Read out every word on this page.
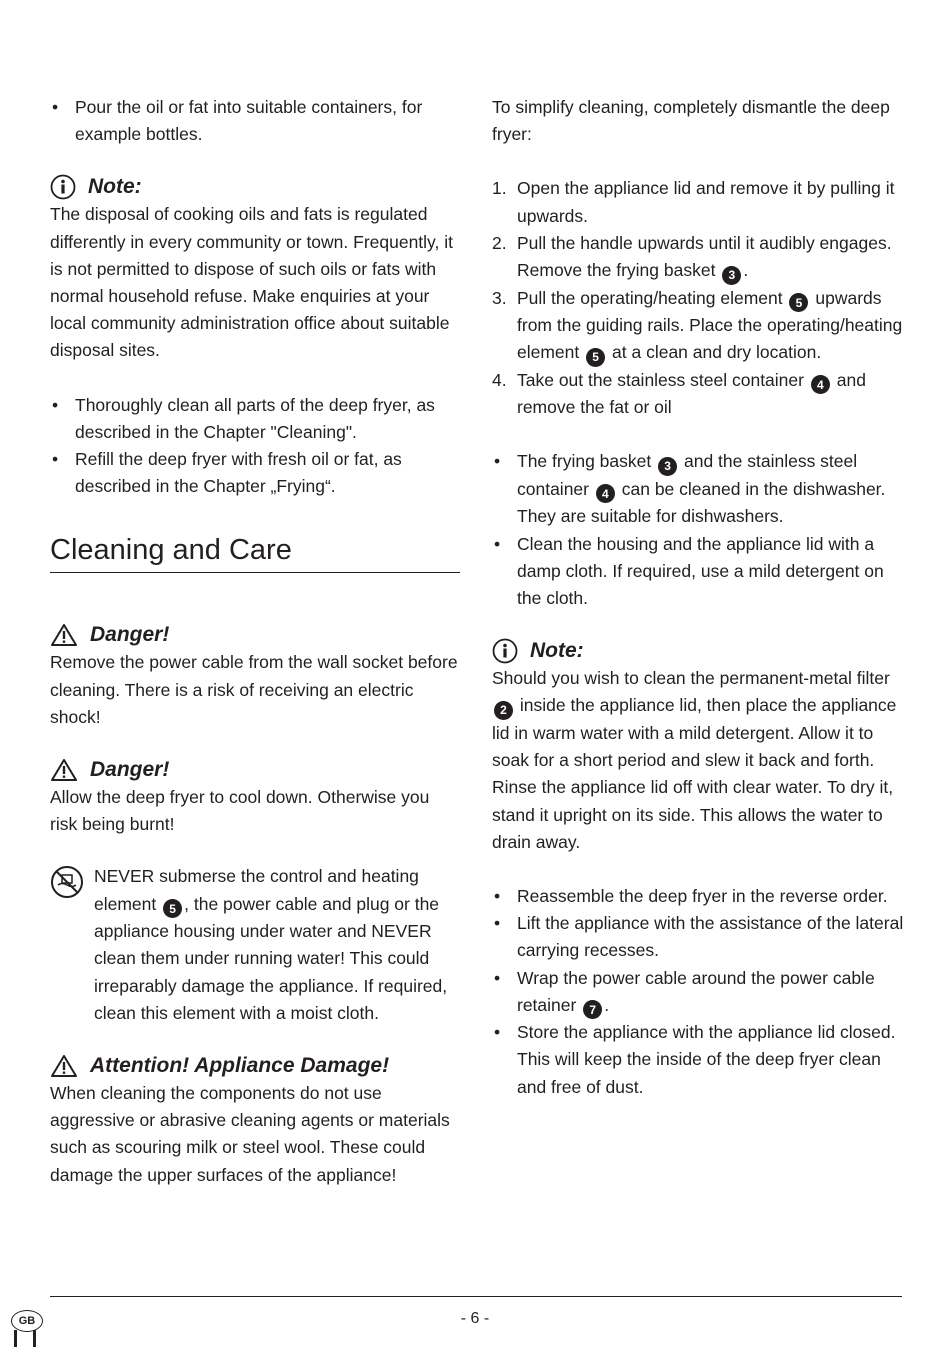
• Pour the oil or fat into suitable containers, for example bottles.
Note:

The disposal of cooking oils and fats is regulated differently in every community or town. Frequently, it is not permitted to dispose of such oils or fats with normal household refuse. Make enquiries at your local community administration office about suitable disposal sites.

• Thoroughly clean all parts of the deep fryer, as described in the Chapter "Cleaning".
• Refill the deep fryer with fresh oil or fat, as described in the Chapter „Frying“.
Cleaning and Care
Danger!

Remove the power cable from the wall socket before cleaning. There is a risk of receiving an electric shock!

Danger!

Allow the deep fryer to cool down. Otherwise you risk being burnt!

NEVER submerse the control and heating element 5 , the power cable and plug or the appliance housing under water and NEVER clean them under running water! This could irreparably damage the appliance. If required, clean this element with a moist cloth.

Attention! Appliance Damage!

When cleaning the components do not use aggressive or abrasive cleaning agents or materials such as scouring milk or steel wool. These could damage the upper surfaces of the appliance!

To simplify cleaning, completely dismantle the deep fryer:

1. Open the appliance lid and remove it by pulling it upwards.
2. Pull the handle upwards until it audibly engages. Remove the frying basket 3 .
3. Pull the operating/heating element 5 upwards from the guiding rails. Place the operating/heating element 5 at a clean and dry location.
4. Take out the stainless steel container 4 and remove the fat or oil
• The frying basket 3 and the stainless steel container 4 can be cleaned in the dishwasher. They are suitable for dishwashers.
• Clean the housing and the appliance lid with a damp cloth. If required, use a mild detergent on the cloth.
Note:

Should you wish to clean the permanent-metal filter 2 inside the appliance lid, then place the appliance lid in warm water with a mild detergent. Allow it to soak for a short period and slew it back and forth. Rinse the appliance lid off with clear water. To dry it, stand it upright on its side. This allows the water to drain away.

• Reassemble the deep fryer in the reverse order.
• Lift the appliance with the assistance of the lateral carrying recesses.
• Wrap the power cable around the power cable retainer 7 .
• Store the appliance with the appliance lid closed. This will keep the inside of the deep fryer clean and free of dust.
GB	- 6 -
